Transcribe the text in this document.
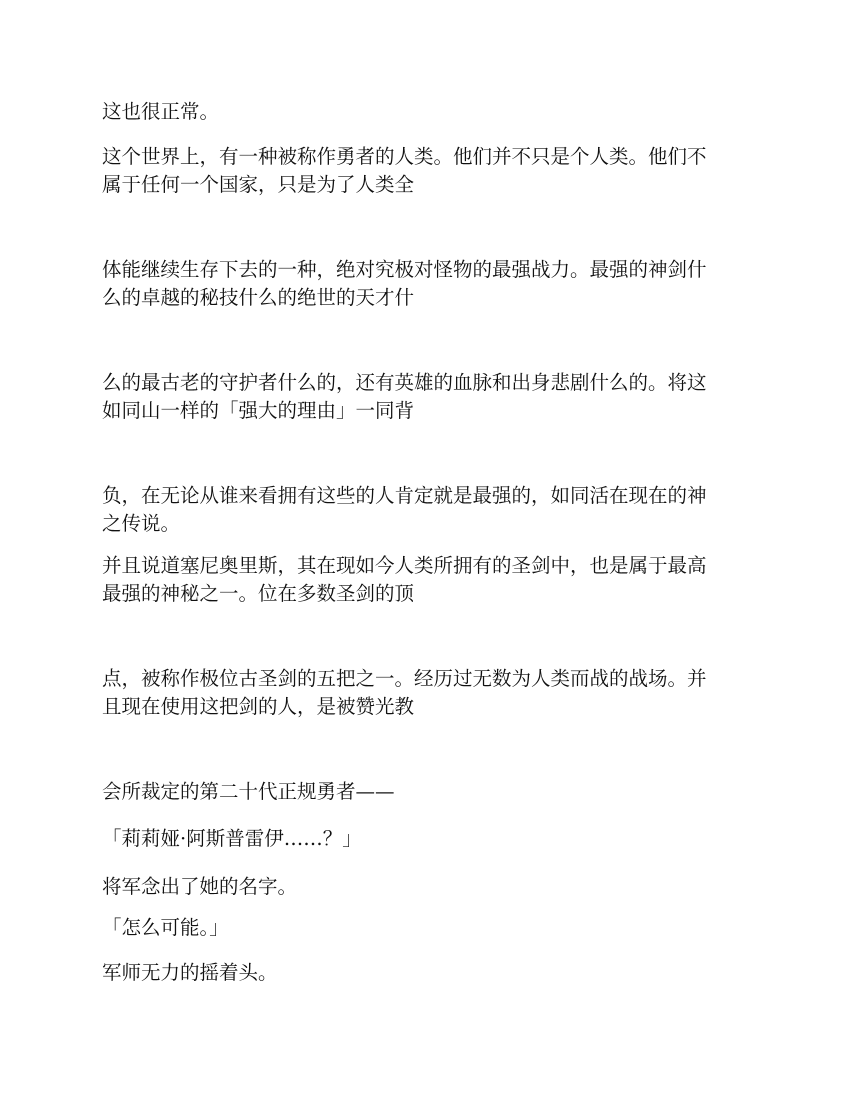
这也很正常。

这个世界上，有一种被称作勇者的人类。他们并不只是个人类。他们不
属于任何一个国家，只是为了人类全

体能继续生存下去的一种，绝对究极对怪物的最强战力。最强的神剑什
么的卓越的秘技什么的绝世的天才什

么的最古老的守护者什么的，还有英雄的血脉和出身悲剧什么的。将这
如同山一样的「强大的理由」一同背

负，在无论从谁来看拥有这些的人肯定就是最强的，如同活在现在的神
之传说。

并且说道塞尼奥里斯，其在现如今人类所拥有的圣剑中，也是属于最高
最强的神秘之一。位在多数圣剑的顶

点，被称作极位古圣剑的五把之一。经历过无数为人类而战的战场。并
且现在使用这把剑的人，是被赞光教

会所裁定的第二十代正规勇者——

「莉莉娅·阿斯普雷伊……？」

将军念出了她的名字。

「怎么可能。」

军师无力的摇着头。
